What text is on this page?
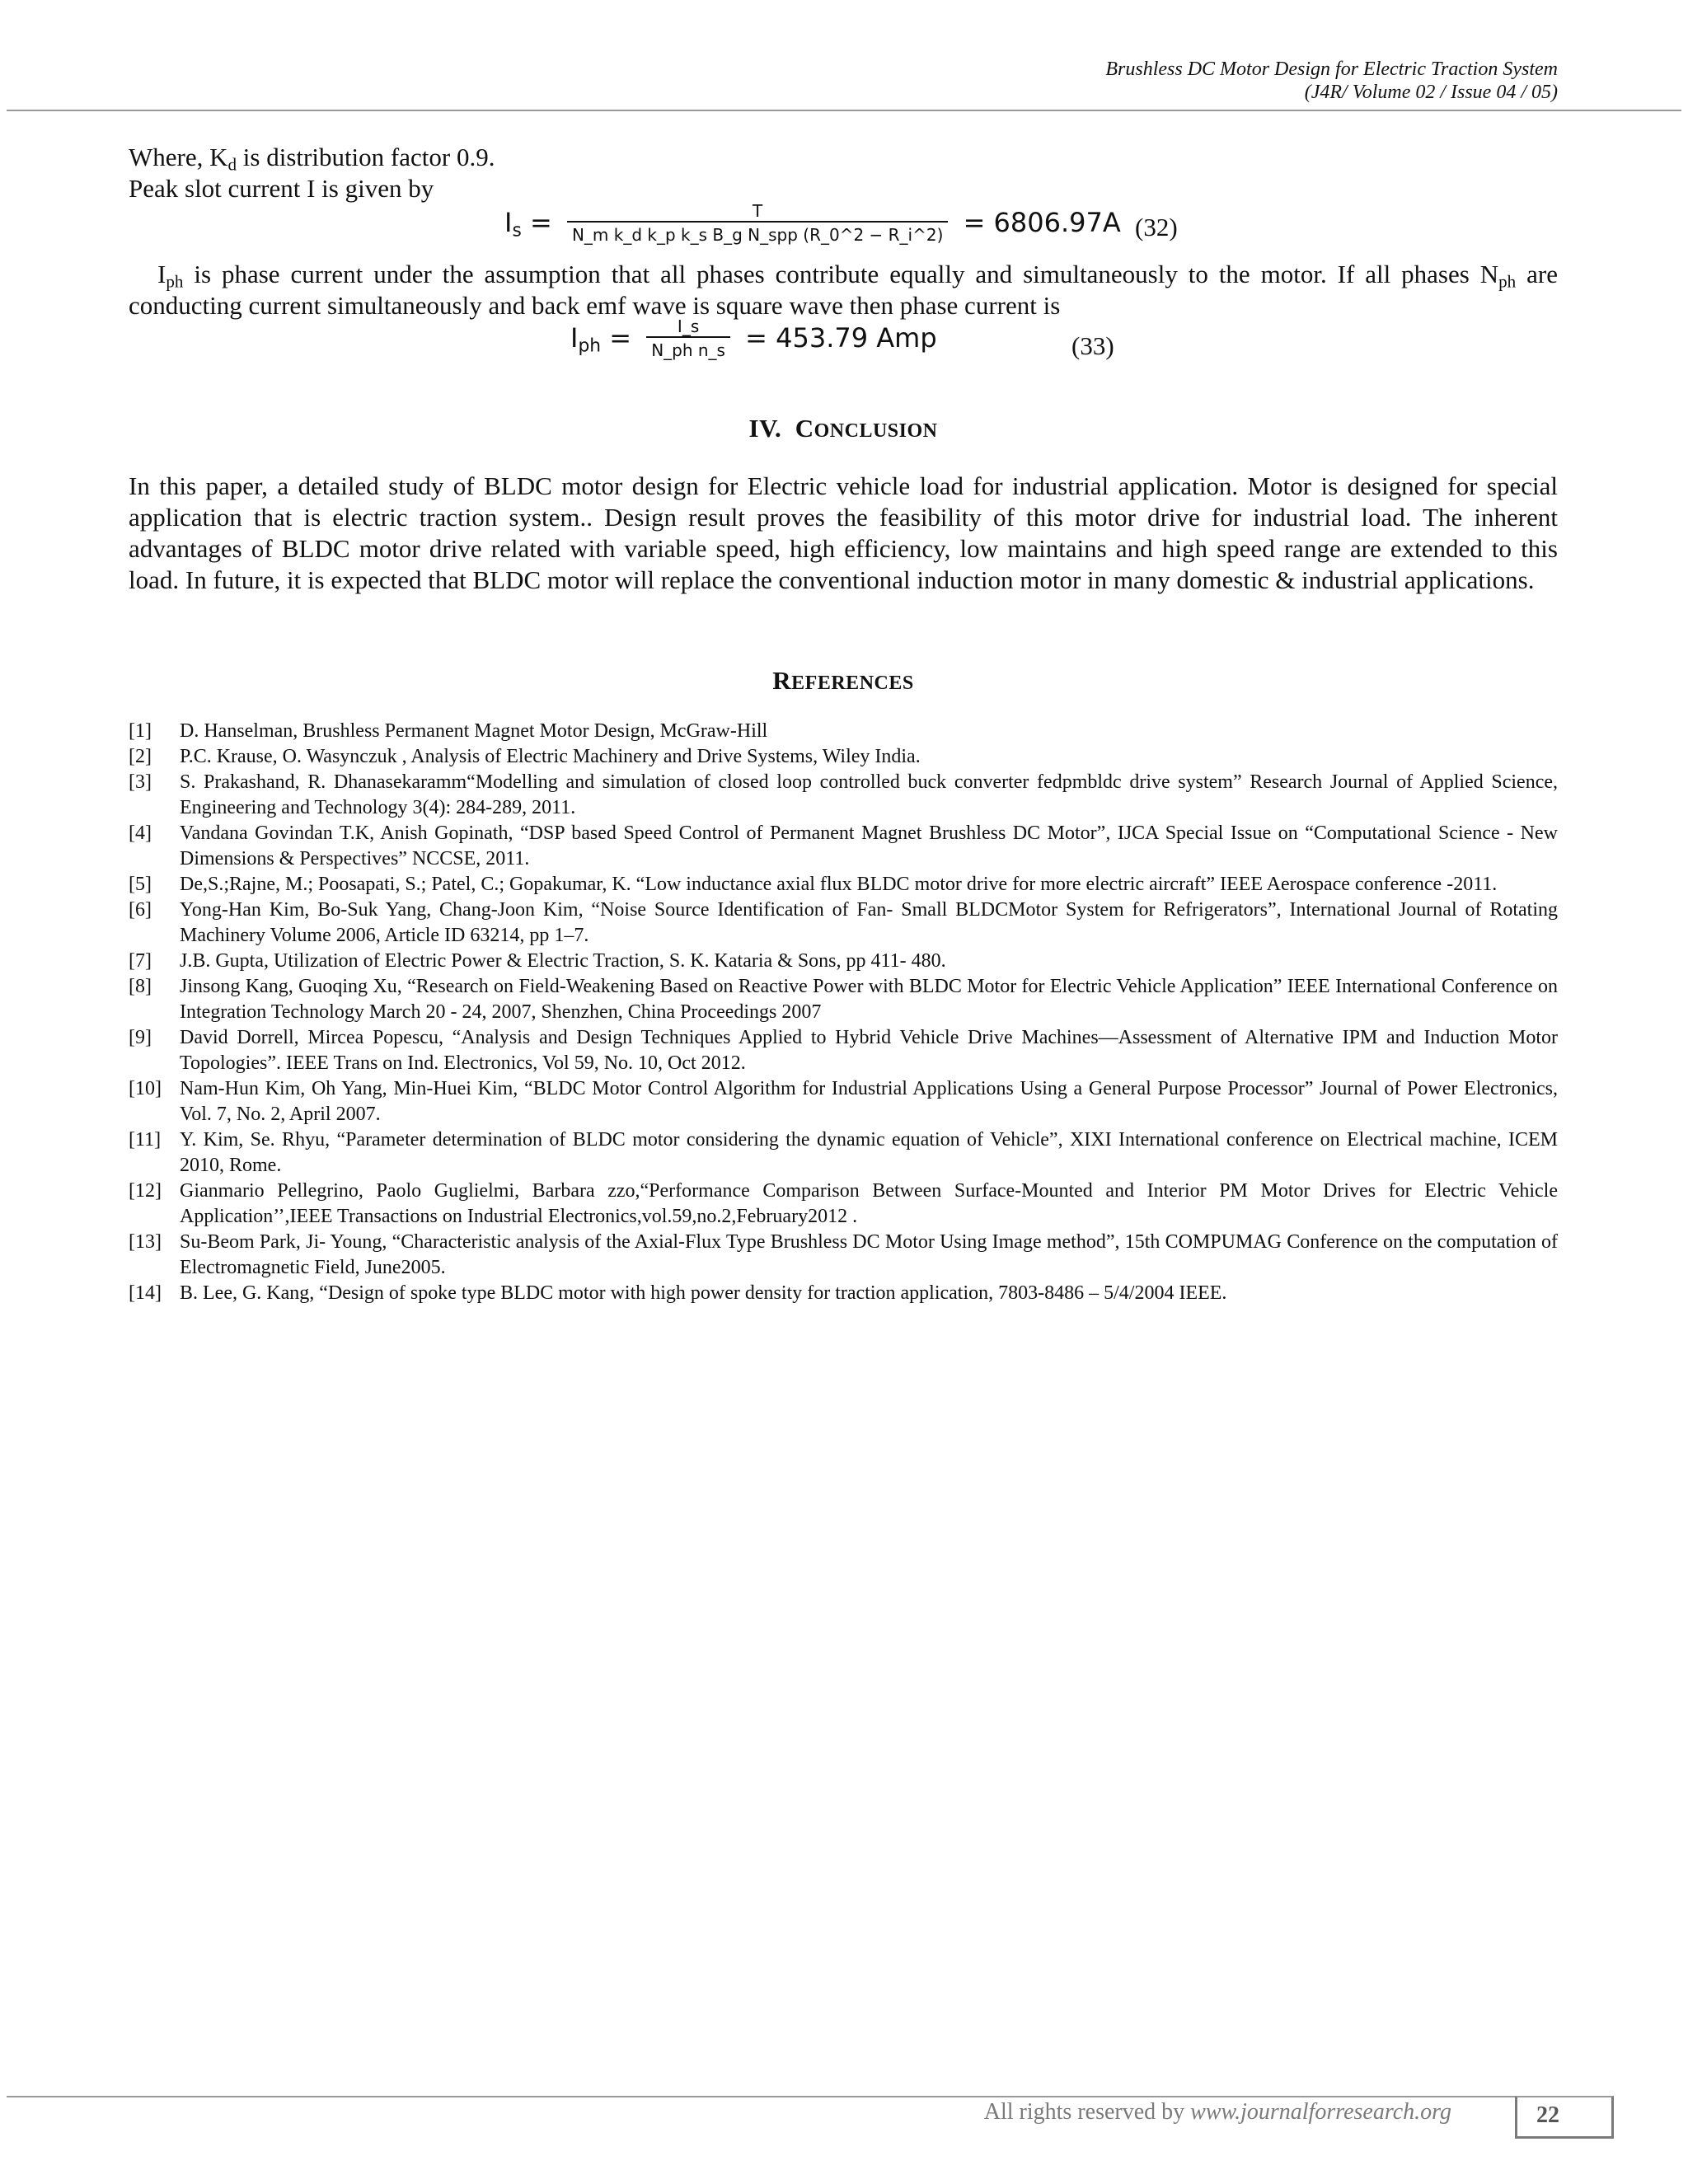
Brushless DC Motor Design for Electric Traction System
(J4R/ Volume 02 / Issue 04 / 05)
Where, $K_d$ is distribution factor 0.9.
Peak slot current I is given by
$I_s = \frac{T}{\text{N\_m k\_d k\_p k\_s B\_g N\_spp (R\_0\textasciicircum{}2 − R\_i\textasciicircum{}2)}} = 6806.97A$ (32)
$I_{ph}$ is phase current under the assumption that all phases contribute equally and simultaneously to the motor. If all phases $N_{ph}$ are conducting current simultaneously and back emf wave is square wave then phase current is
$I_{ph} = \frac{I\_s}{\text{N\_ph n\_s}} = 453.79$ Amp	(33)
IV. CONCLUSION
In this paper, a detailed study of BLDC motor design for Electric vehicle load for industrial application. Motor is designed for special application that is electric traction system.. Design result proves the feasibility of this motor drive for industrial load. The inherent advantages of BLDC motor drive related with variable speed, high efficiency, low maintains and high speed range are extended to this load. In future, it is expected that BLDC motor will replace the conventional induction motor in many domestic & industrial applications.
REFERENCES
[1] D. Hanselman, Brushless Permanent Magnet Motor Design, McGraw-Hill
[2] P.C. Krause, O. Wasynczuk , Analysis of Electric Machinery and Drive Systems, Wiley India.
[3] S. Prakashand, R. Dhanasekaramm“Modelling and simulation of closed loop controlled buck converter fedpmbldc drive system” Research Journal of Applied Science, Engineering and Technology 3(4): 284-289, 2011.
[4] Vandana Govindan T.K, Anish Gopinath, “DSP based Speed Control of Permanent Magnet Brushless DC Motor”, IJCA Special Issue on “Computational Science - New Dimensions & Perspectives” NCCSE, 2011.
[5] De,S.;Rajne, M.; Poosapati, S.; Patel, C.; Gopakumar, K. “Low inductance axial flux BLDC motor drive for more electric aircraft” IEEE Aerospace conference -2011.
[6] Yong-Han Kim, Bo-Suk Yang, Chang-Joon Kim, “Noise Source Identification of Fan- Small BLDCMotor System for Refrigerators”, International Journal of Rotating Machinery Volume 2006, Article ID 63214, pp 1–7.
[7] J.B. Gupta, Utilization of Electric Power & Electric Traction, S. K. Kataria & Sons, pp 411- 480.
[8] Jinsong Kang, Guoqing Xu, “Research on Field-Weakening Based on Reactive Power with BLDC Motor for Electric Vehicle Application” IEEE International Conference on Integration Technology March 20 - 24, 2007, Shenzhen, China Proceedings 2007
[9] David Dorrell, Mircea Popescu, “Analysis and Design Techniques Applied to Hybrid Vehicle Drive Machines—Assessment of Alternative IPM and Induction Motor Topologies”. IEEE Trans on Ind. Electronics, Vol 59, No. 10, Oct 2012.
[10] Nam-Hun Kim, Oh Yang, Min-Huei Kim, “BLDC Motor Control Algorithm for Industrial Applications Using a General Purpose Processor” Journal of Power Electronics, Vol. 7, No. 2, April 2007.
[11] Y. Kim, Se. Rhyu, “Parameter determination of BLDC motor considering the dynamic equation of Vehicle”, XIXI International conference on Electrical machine, ICEM 2010, Rome.
[12] Gianmario Pellegrino, Paolo Guglielmi, Barbara zzo,“Performance Comparison Between Surface-Mounted and Interior PM Motor Drives for Electric Vehicle Application’’,IEEE Transactions on Industrial Electronics,vol.59,no.2,February2012 .
[13] Su-Beom Park, Ji- Young, “Characteristic analysis of the Axial-Flux Type Brushless DC Motor Using Image method”, 15th COMPUMAG Conference on the computation of Electromagnetic Field, June2005.
[14] B. Lee, G. Kang, “Design of spoke type BLDC motor with high power density for traction application, 7803-8486 – 5/4/2004 IEEE.
All rights reserved by www.journalforresearch.org	22
